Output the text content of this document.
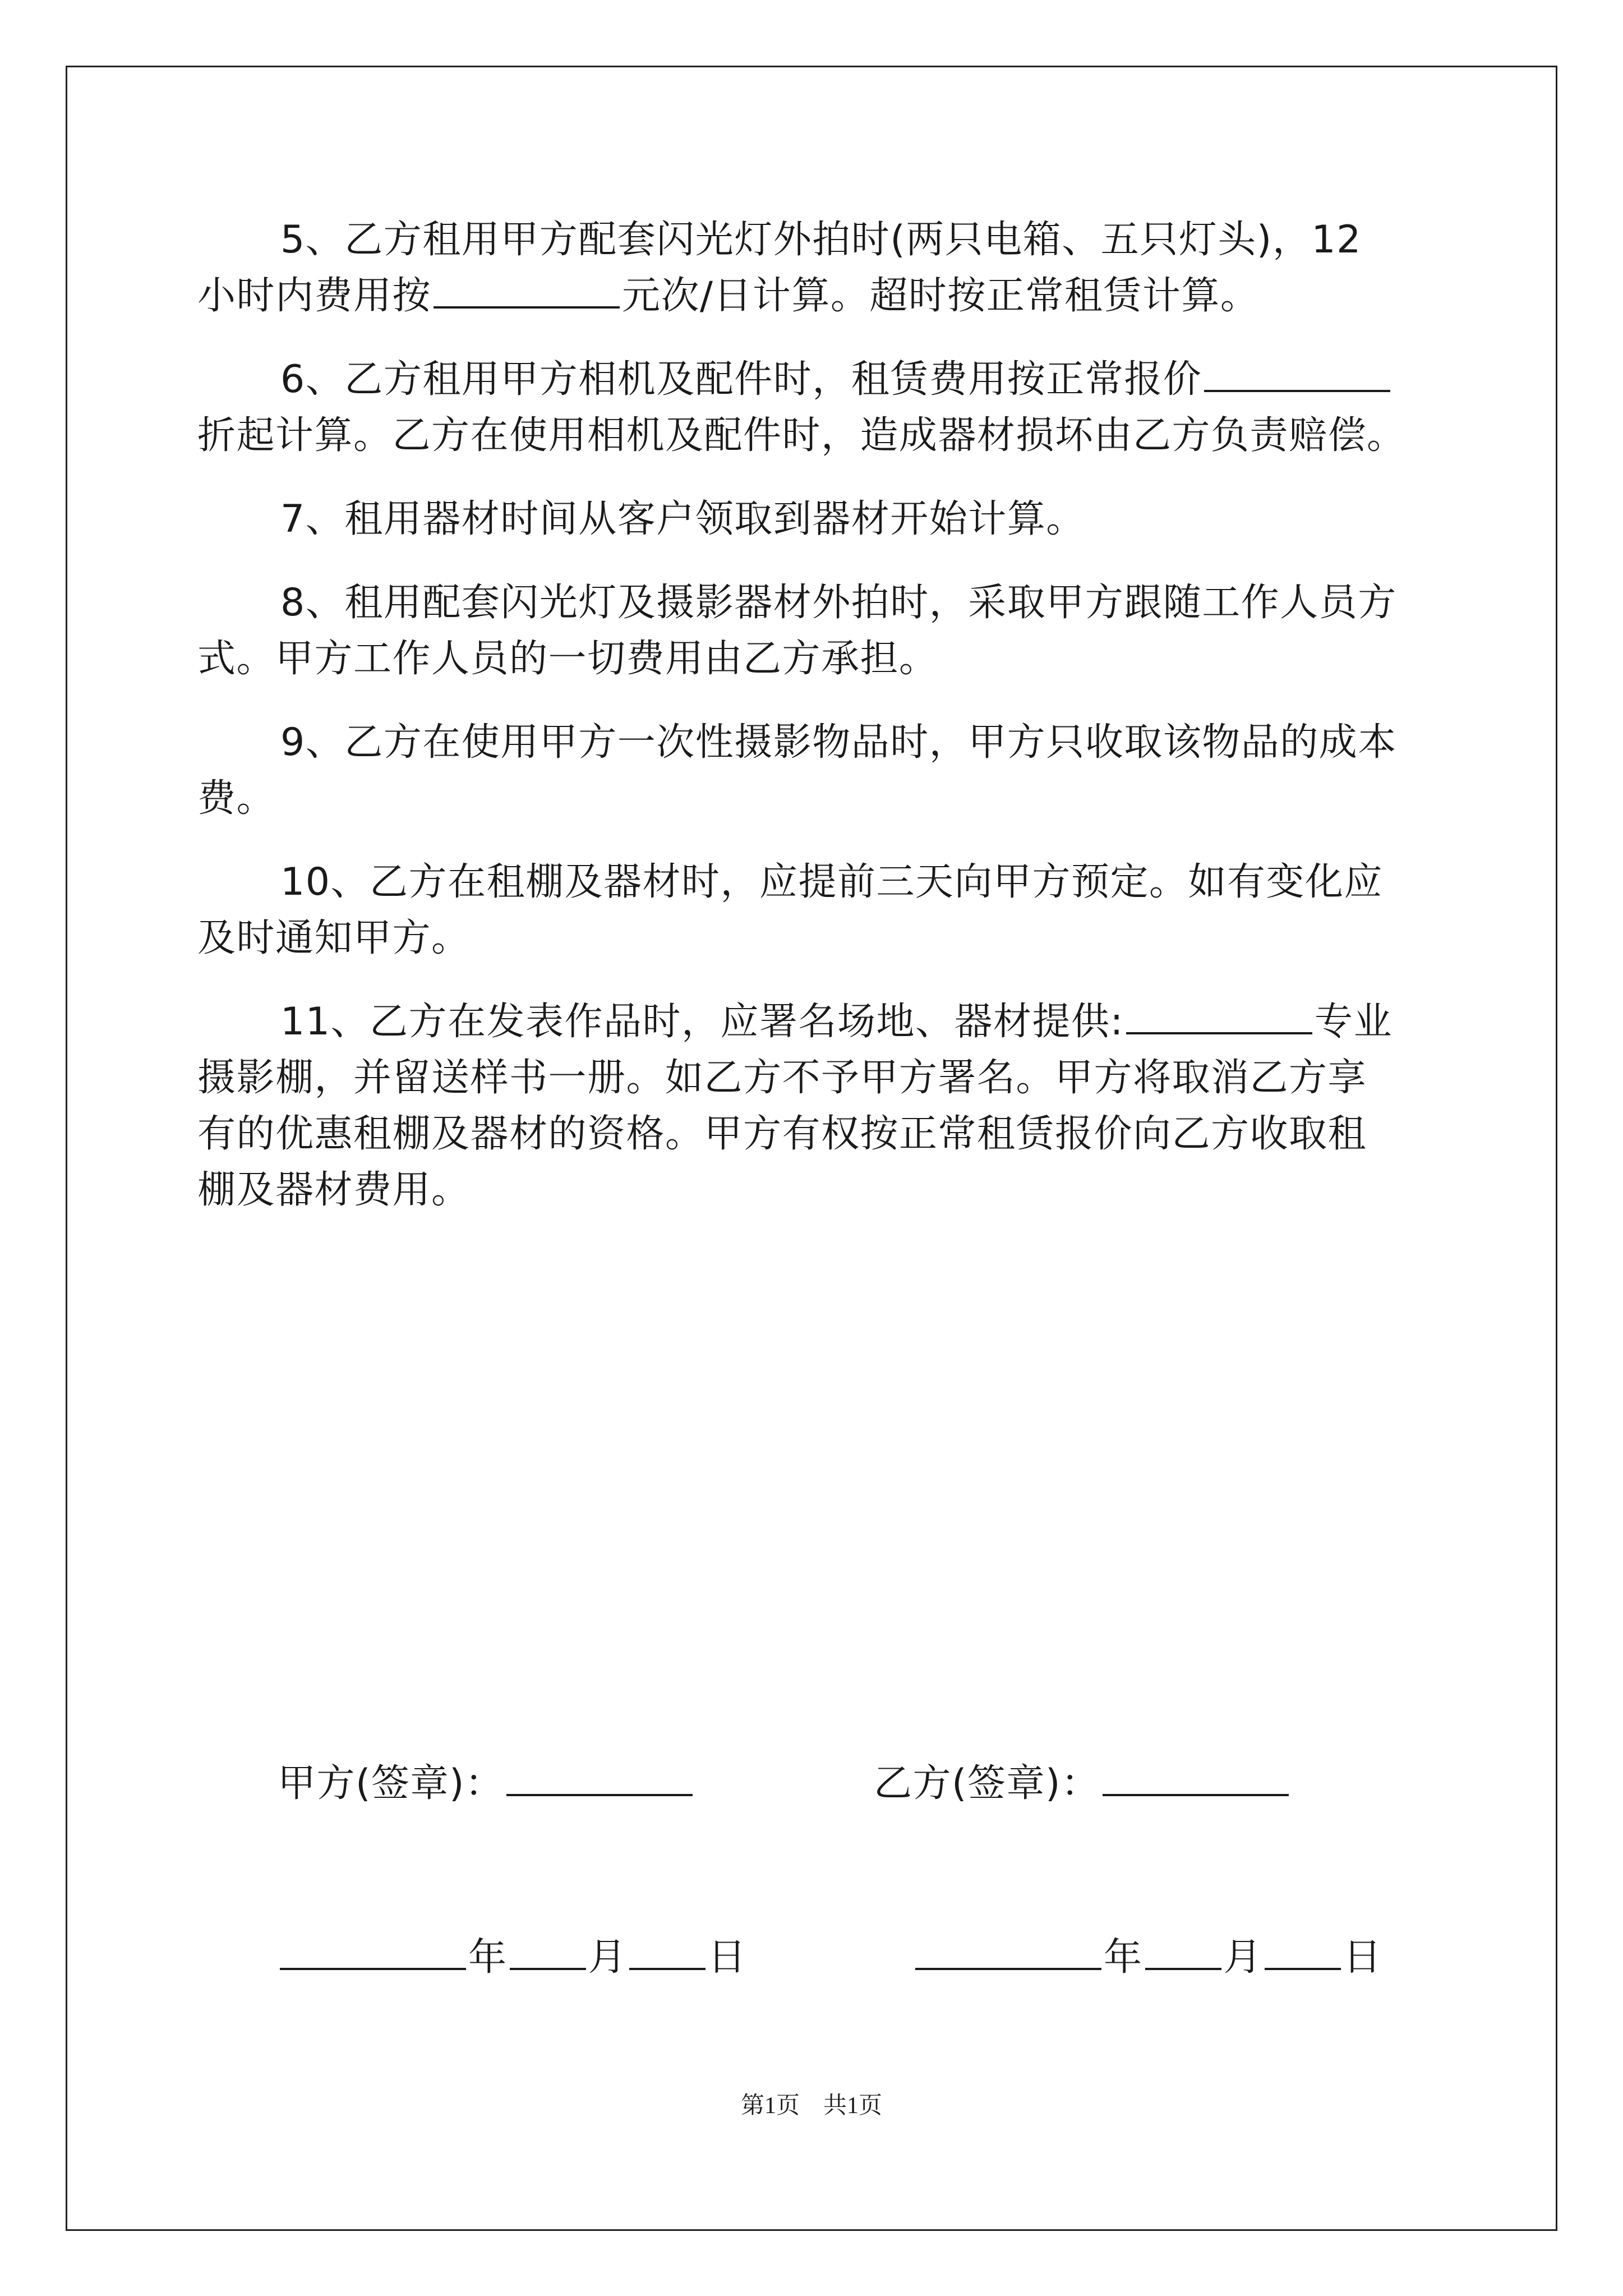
5、乙方租用甲方配套闪光灯外拍时(两只电箱、五只灯头)，12
小时内费用按	元次/日计算。超时按正常租赁计算。
6、乙方租用甲方相机及配件时，租赁费用按正常报价
折起计算。乙方在使用相机及配件时，造成器材损坏由乙方负责赔偿。
7、租用器材时间从客户领取到器材开始计算。
8、租用配套闪光灯及摄影器材外拍时，采取甲方跟随工作人员方
式。甲方工作人员的一切费用由乙方承担。
9、乙方在使用甲方一次性摄影物品时，甲方只收取该物品的成本
费。
10、乙方在租棚及器材时，应提前三天向甲方预定。如有变化应
及时通知甲方。
11、乙方在发表作品时，应署名场地、器材提供:	专业
摄影棚，并留送样书一册。如乙方不予甲方署名。甲方将取消乙方享
有的优惠租棚及器材的资格。甲方有权按正常租赁报价向乙方收取租
棚及器材费用。
甲方(签章)：	乙方(签章)：
年 月 日	年 月 日
第1页　共1页
